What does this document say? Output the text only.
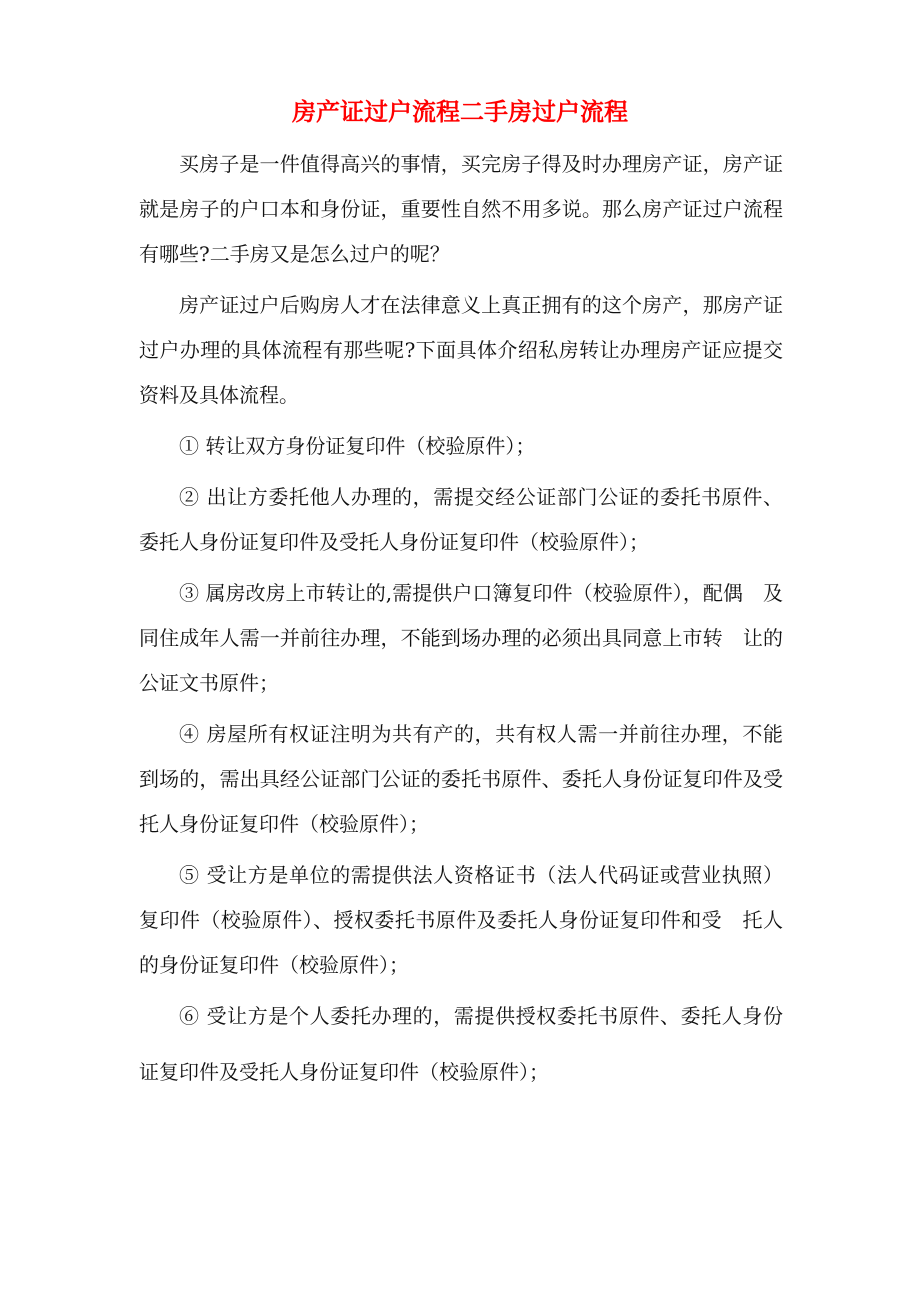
房产证过户流程二手房过户流程

买房子是一件值得高兴的事情，买完房子得及时办理房产证，房产证就是房子的户口本和身份证，重要性自然不用多说。那么房产证过户流程有哪些?二手房又是怎么过户的呢？

房产证过户后购房人才在法律意义上真正拥有的这个房产，那房产证过户办理的具体流程有那些呢?下面具体介绍私房转让办理房产证应提交资料及具体流程。

① 转让双方身份证复印件（校验原件）；

② 出让方委托他人办理的，需提交经公证部门公证的委托书原件、委托人身份证复印件及受托人身份证复印件（校验原件）；

③ 属房改房上市转让的,需提供户口簿复印件（校验原件），配偶　及同住成年人需一并前往办理，不能到场办理的必须出具同意上市转　让的公证文书原件；

④ 房屋所有权证注明为共有产的，共有权人需一并前往办理，不能到场的，需出具经公证部门公证的委托书原件、委托人身份证复印件及受托人身份证复印件（校验原件）；

⑤ 受让方是单位的需提供法人资格证书（法人代码证或营业执照）复印件（校验原件）、授权委托书原件及委托人身份证复印件和受　托人的身份证复印件（校验原件）；

⑥ 受让方是个人委托办理的，需提供授权委托书原件、委托人身份证复印件及受托人身份证复印件（校验原件）；
